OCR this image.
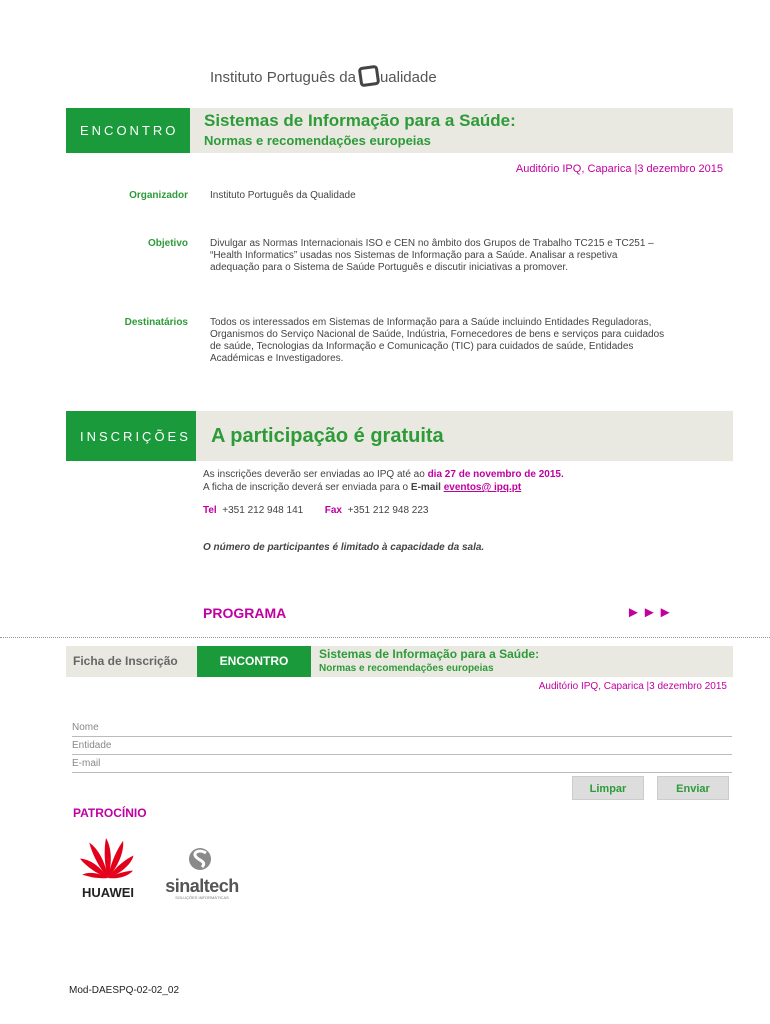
Instituto Português da ualidade
ENCONTRO
Sistemas de Informação para a Saúde:
Normas e recomendações europeias
Auditório IPQ, Caparica |3 dezembro 2015
Organizador Instituto Português da Qualidade
Objetivo Divulgar as Normas Internacionais ISO e CEN no âmbito dos Grupos de Trabalho TC215 e TC251 –
“Health Informatics” usadas nos Sistemas de Informação para a Saúde. Analisar a respetiva
adequação para o Sistema de Saúde Português e discutir iniciativas a promover.
Destinatários Todos os interessados em Sistemas de Informação para a Saúde incluindo Entidades Reguladoras,
Organismos do Serviço Nacional de Saúde, Indústria, Fornecedores de bens e serviços para cuidados
de saúde, Tecnologias da Informação e Comunicação (TIC) para cuidados de saúde, Entidades
Académicas e Investigadores.
INSCRIÇÕES A participação é gratuita
As inscrições deverão ser enviadas ao IPQ até ao dia 27 de novembro de 2015.
A ficha de inscrição deverá ser enviada para o E-mail eventos@ ipq.pt
Tel +351 212 948 141 Fax +351 212 948 223
O número de participantes é limitado à capacidade da sala.
PROGRAMA	►►►
Ficha de Inscrição	ENCONTRO	Sistemas de Informação para a Saúde:
Normas e recomendações europeias
Auditório IPQ, Caparica |3 dezembro 2015
Nome
Entidade
E-mail
Limpar	Enviar
PATROCÍNIO
HUAWEI	sinaltech
SOLUÇÕES INFORMÁTICAS
Mod-DAESPQ-02-02_02
